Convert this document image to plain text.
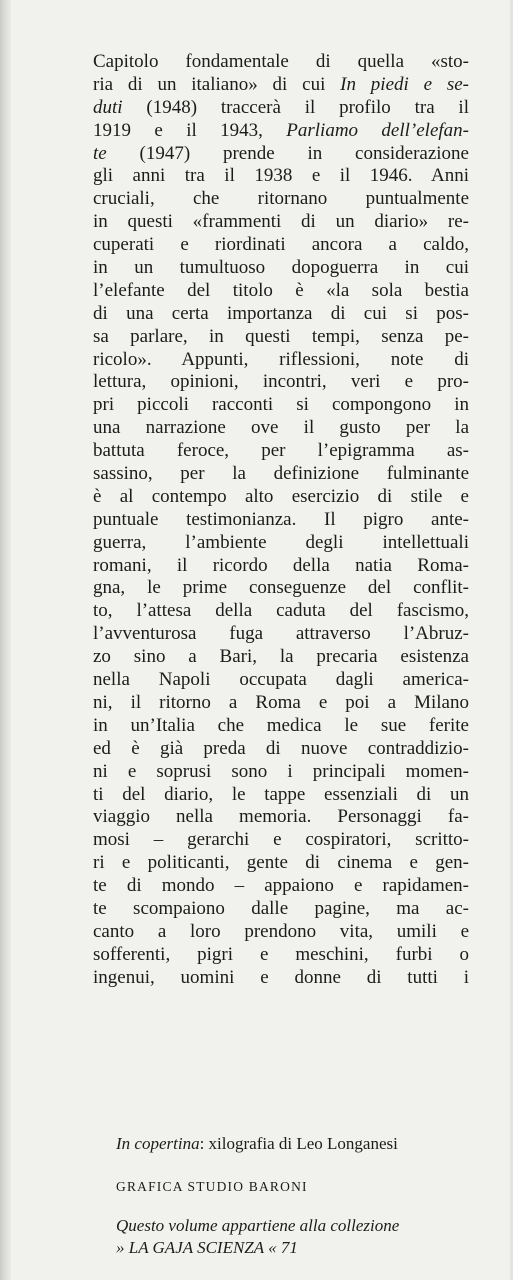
Capitolo fondamentale di quella «sto-
ria di un italiano» di cui In piedi e se-
duti (1948) traccerà il profilo tra il
1919 e il 1943, Parliamo dell’elefan-
te (1947) prende in considerazione
gli anni tra il 1938 e il 1946. Anni
cruciali, che ritornano puntualmente
in questi «frammenti di un diario» re-
cuperati e riordinati ancora a caldo,
in un tumultuoso dopoguerra in cui
l’elefante del titolo è «la sola bestia
di una certa importanza di cui si pos-
sa parlare, in questi tempi, senza pe-
ricolo». Appunti, riflessioni, note di
lettura, opinioni, incontri, veri e pro-
pri piccoli racconti si compongono in
una narrazione ove il gusto per la
battuta feroce, per l’epigramma as-
sassino, per la definizione fulminante
è al contempo alto esercizio di stile e
puntuale testimonianza. Il pigro ante-
guerra, l’ambiente degli intellettuali
romani, il ricordo della natia Roma-
gna, le prime conseguenze del conflit-
to, l’attesa della caduta del fascismo,
l’avventurosa fuga attraverso l’Abruz-
zo sino a Bari, la precaria esistenza
nella Napoli occupata dagli america-
ni, il ritorno a Roma e poi a Milano
in un’Italia che medica le sue ferite
ed è già preda di nuove contraddizio-
ni e soprusi sono i principali momen-
ti del diario, le tappe essenziali di un
viaggio nella memoria. Personaggi fa-
mosi – gerarchi e cospiratori, scritto-
ri e politicanti, gente di cinema e gen-
te di mondo – appaiono e rapidamen-
te scompaiono dalle pagine, ma ac-
canto a loro prendono vita, umili e
sofferenti, pigri e meschini, furbi o
ingenui, uomini e donne di tutti i
In copertina: xilografia di Leo Longanesi
GRAFICA STUDIO BARONI
Questo volume appartiene alla collezione
» LA GAJA SCIENZA « 71
